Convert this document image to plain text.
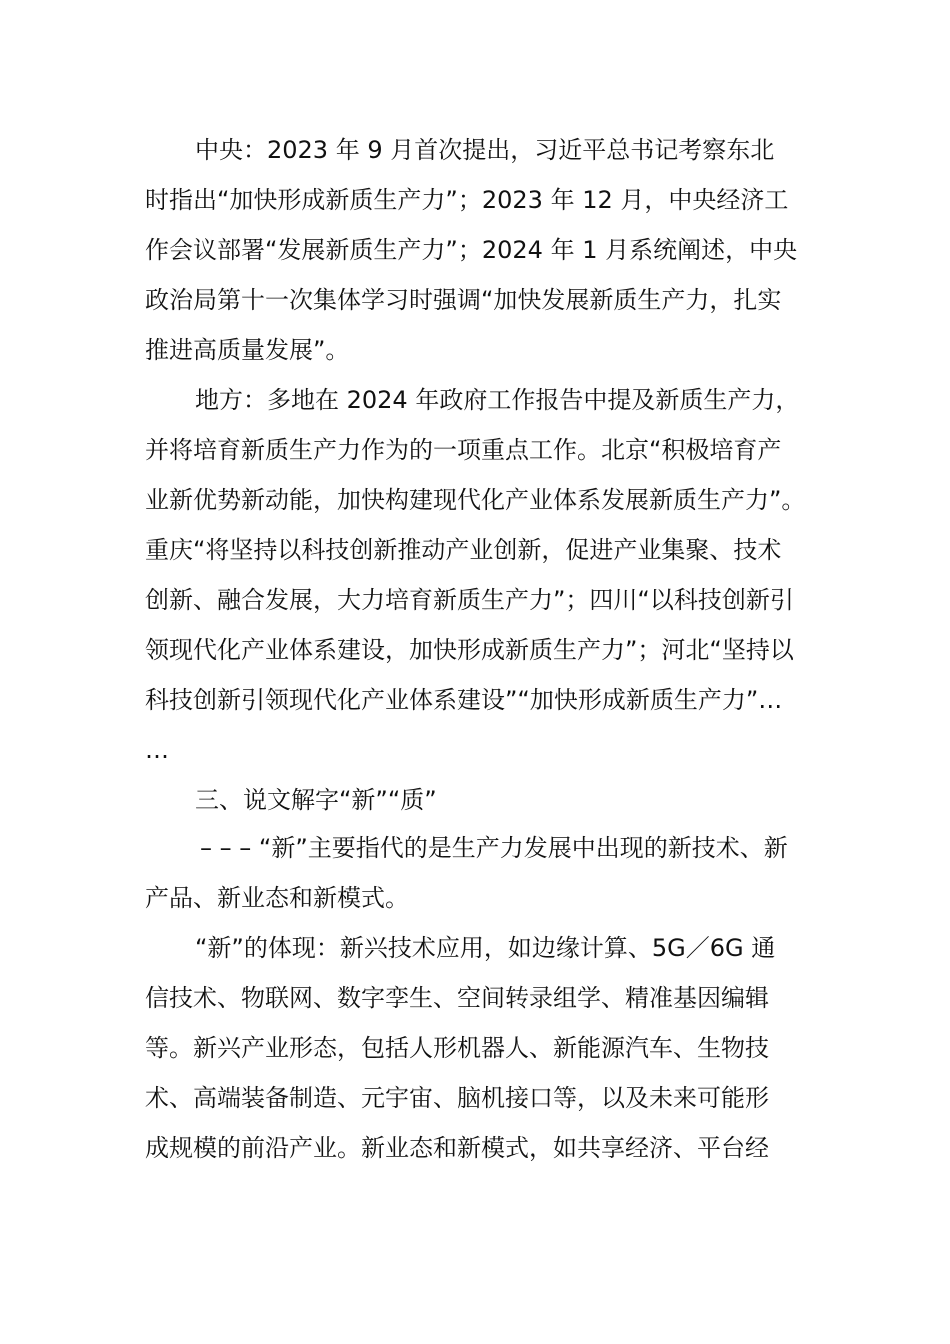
中央：2023 年 9 月首次提出，习近平总书记考察东北
时指出“加快形成新质生产力”；2023 年 12 月，中央经济工
作会议部署“发展新质生产力”；2024 年 1 月系统阐述，中央
政治局第十一次集体学习时强调“加快发展新质生产力，扎实
推进高质量发展”。
地方：多地在 2024 年政府工作报告中提及新质生产力，
并将培育新质生产力作为的一项重点工作。北京“积极培育产
业新优势新动能，加快构建现代化产业体系发展新质生产力”。
重庆“将坚持以科技创新推动产业创新，促进产业集聚、技术
创新、融合发展，大力培育新质生产力”；四川“以科技创新引
领现代化产业体系建设，加快形成新质生产力”；河北“坚持以
科技创新引领现代化产业体系建设”“加快形成新质生产力”…
…
三、说文解字“新”“质”
– – – “新”主要指代的是生产力发展中出现的新技术、新
产品、新业态和新模式。
“新”的体现：新兴技术应用，如边缘计算、5G／6G 通
信技术、物联网、数字孪生、空间转录组学、精准基因编辑
等。新兴产业形态，包括人形机器人、新能源汽车、生物技
术、高端装备制造、元宇宙、脑机接口等，以及未来可能形
成规模的前沿产业。新业态和新模式，如共享经济、平台经
